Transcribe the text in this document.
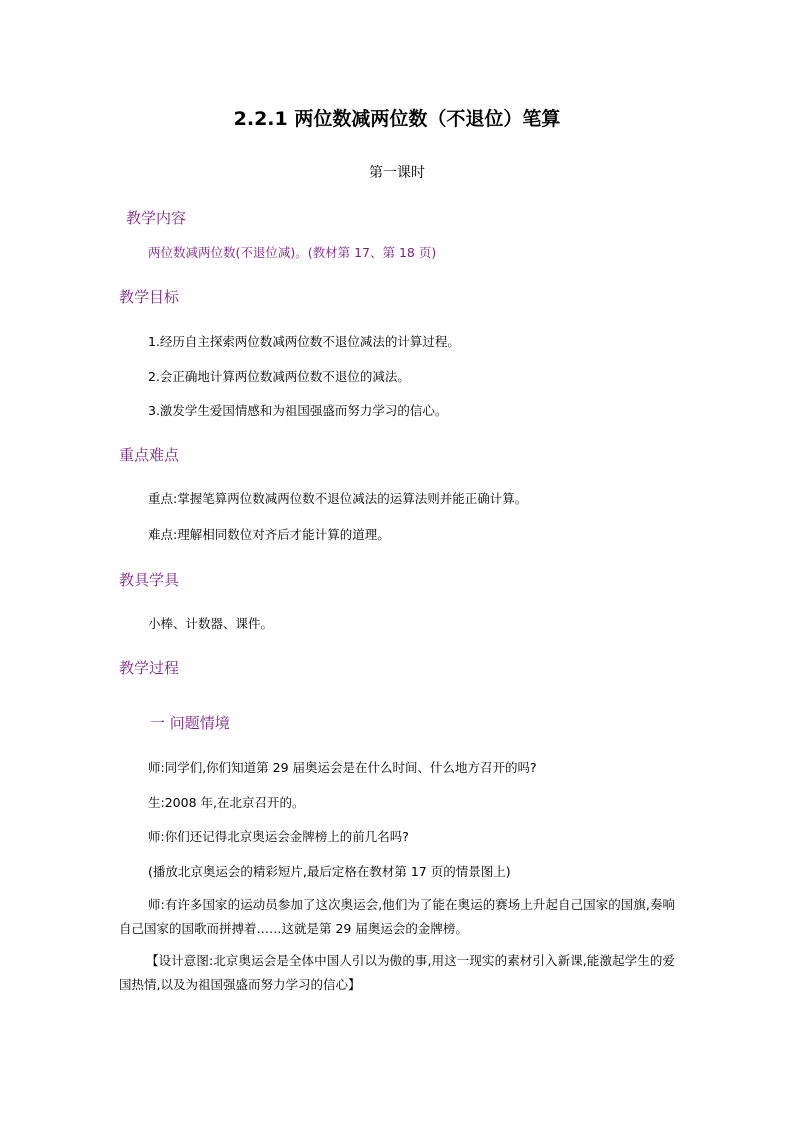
2.2.1 两位数减两位数（不退位）笔算
第一课时
教学内容
两位数减两位数(不退位减)。(教材第 17、第 18 页)
教学目标
1.经历自主探索两位数减两位数不退位减法的计算过程。
2.会正确地计算两位数减两位数不退位的减法。
3.激发学生爱国情感和为祖国强盛而努力学习的信心。
重点难点
重点:掌握笔算两位数减两位数不退位减法的运算法则并能正确计算。
难点:理解相同数位对齐后才能计算的道理。
教具学具
小棒、计数器、课件。
教学过程
一 问题情境
师:同学们,你们知道第 29 届奥运会是在什么时间、什么地方召开的吗?
生:2008 年,在北京召开的。
师:你们还记得北京奥运会金牌榜上的前几名吗?
(播放北京奥运会的精彩短片,最后定格在教材第 17 页的情景图上)
师:有许多国家的运动员参加了这次奥运会,他们为了能在奥运的赛场上升起自己国家的国旗,奏响自己国家的国歌而拼搏着……这就是第 29 届奥运会的金牌榜。
【设计意图:北京奥运会是全体中国人引以为傲的事,用这一现实的素材引入新课,能激起学生的爱国热情,以及为祖国强盛而努力学习的信心】
